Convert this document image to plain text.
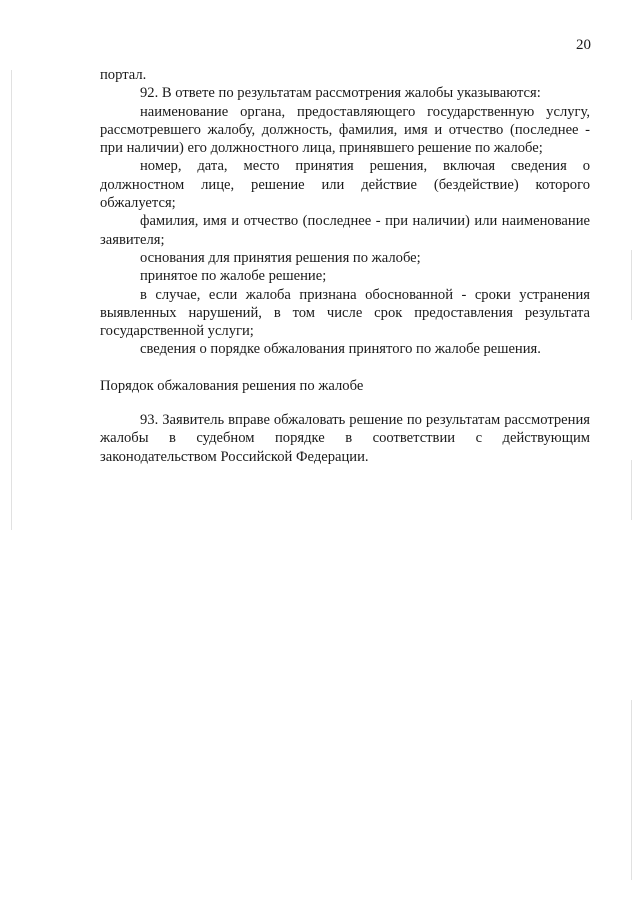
20

портал.

92. В ответе по результатам рассмотрения жалобы указываются:

наименование органа, предоставляющего государственную услугу, рассмотревшего жалобу, должность, фамилия, имя и отчество (последнее - при наличии) его должностного лица, принявшего решение по жалобе;

номер, дата, место принятия решения, включая сведения о должностном лице, решение или действие (бездействие) которого обжалуется;

фамилия, имя и отчество (последнее - при наличии) или наименование заявителя;

основания для принятия решения по жалобе;

принятое по жалобе решение;

в случае, если жалоба признана обоснованной - сроки устранения выявленных нарушений, в том числе срок предоставления результата государственной услуги;

сведения о порядке обжалования принятого по жалобе решения.

Порядок обжалования решения по жалобе

93. Заявитель вправе обжаловать решение по результатам рассмотрения жалобы в судебном порядке в соответствии с действующим законодательством Российской Федерации.
